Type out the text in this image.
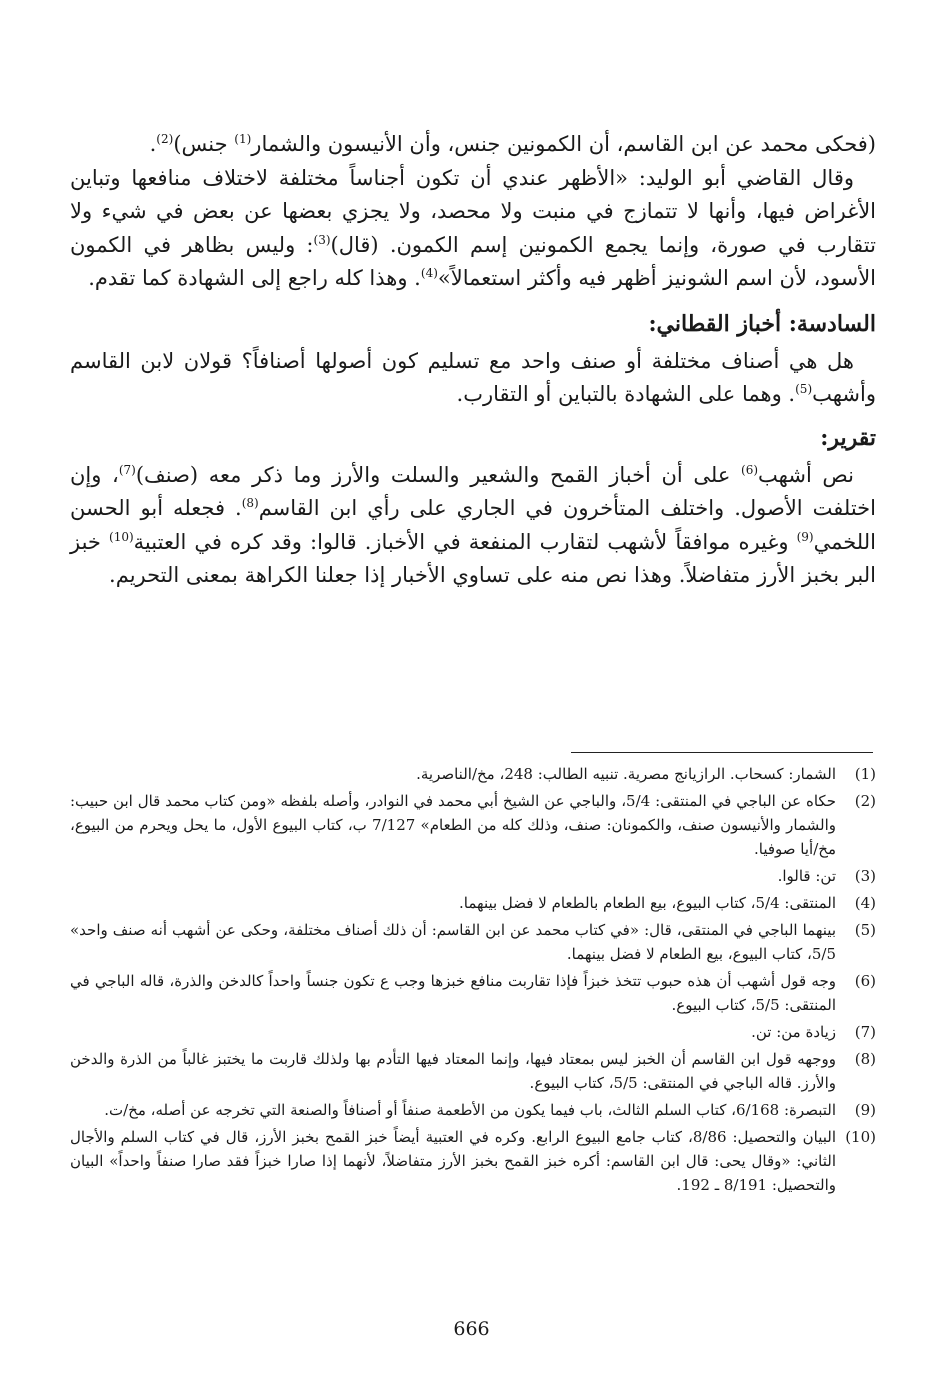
(فحكى محمد عن ابن القاسم، أن الكمونين جنس، وأن الأنيسون والشمار$^{(1)}$ جنس)$^{(2)}$.

وقال القاضي أبو الوليد: «الأظهر عندي أن تكون أجناساً مختلفة لاختلاف منافعها وتباين الأغراض فيها، وأنها لا تتمازج في منبت ولا محصد، ولا يجزي بعضها عن بعض في شيء ولا تتقارب في صورة، وإنما يجمع الكمونين إسم الكمون. (قال)$^{(3)}$: وليس بظاهر في الكمون الأسود، لأن اسم الشونيز أظهر فيه وأكثر استعمالاً»$^{(4)}$. وهذا كله راجع إلى الشهادة كما تقدم.

السادسة: أخباز القطاني:

هل هي أصناف مختلفة أو صنف واحد مع تسليم كون أصولها أصنافاً؟ قولان لابن القاسم وأشهب$^{(5)}$. وهما على الشهادة بالتباين أو التقارب.

تقرير:

نص أشهب$^{(6)}$ على أن أخباز القمح والشعير والسلت والأرز وما ذكر معه (صنف)$^{(7)}$، وإن اختلفت الأصول. واختلف المتأخرون في الجاري على رأي ابن القاسم$^{(8)}$. فجعله أبو الحسن اللخمي$^{(9)}$ وغيره موافقاً لأشهب لتقارب المنفعة في الأخباز. قالوا: وقد كره في العتبية$^{(10)}$ خبز البر بخبز الأرز متفاضلاً. وهذا نص منه على تساوي الأخبار إذا جعلنا الكراهة بمعنى التحريم.

(1)
الشمار: كسحاب. الرازيانج مصرية. تنبيه الطالب: 248، مخ/الناصرية.
(2)
حكاه عن الباجي في المنتقى: 5/4، والباجي عن الشيخ أبي محمد في النوادر، وأصله بلفظه «ومن كتاب محمد قال ابن حبيب: والشمار والأنيسون صنف، والكمونان: صنف، وذلك كله من الطعام» 7/127 ب، كتاب البيوع الأول، ما يحل ويحرم من البيوع، مخ/أيا صوفيا.
(3)
تن: قالوا.
(4)
المنتقى: 5/4، كتاب البيوع، بيع الطعام بالطعام لا فضل بينهما.
(5)
بينهما الباجي في المنتقى، قال: «في كتاب محمد عن ابن القاسم: أن ذلك أصناف مختلفة، وحكى عن أشهب أنه صنف واحد» 5/5، كتاب البيوع، بيع الطعام لا فضل بينهما.
(6)
وجه قول أشهب أن هذه حبوب تتخذ خبزاً فإذا تقاربت منافع خبزها وجب ع تكون جنساً واحداً كالدخن والذرة، قاله الباجي في المنتقى: 5/5، كتاب البيوع.
(7)
زيادة من: تن.
(8)
ووجهه قول ابن القاسم أن الخبز ليس بمعتاد فيها، وإنما المعتاد فيها التأدم بها ولذلك قاربت ما يختبز غالباً من الذرة والدخن والأرز. قاله الباجي في المنتقى: 5/5، كتاب البيوع.
(9)
التبصرة: 6/168، كتاب السلم الثالث، باب فيما يكون من الأطعمة صنفاً أو أصنافاً والصنعة التي تخرجه عن أصله، مخ/ت.
(10)
البيان والتحصيل: 8/86، كتاب جامع البيوع الرابع. وكره في العتبية أيضاً خبز القمح بخبز الأرز، قال في كتاب السلم والأجال الثاني: «وقال يحى: قال ابن القاسم: أكره خبز القمح بخبز الأرز متفاضلاً، لأنهما إذا صارا خبزاً فقد صارا صنفاً واحداً» البيان والتحصيل: 8/191 ـ 192.
666
